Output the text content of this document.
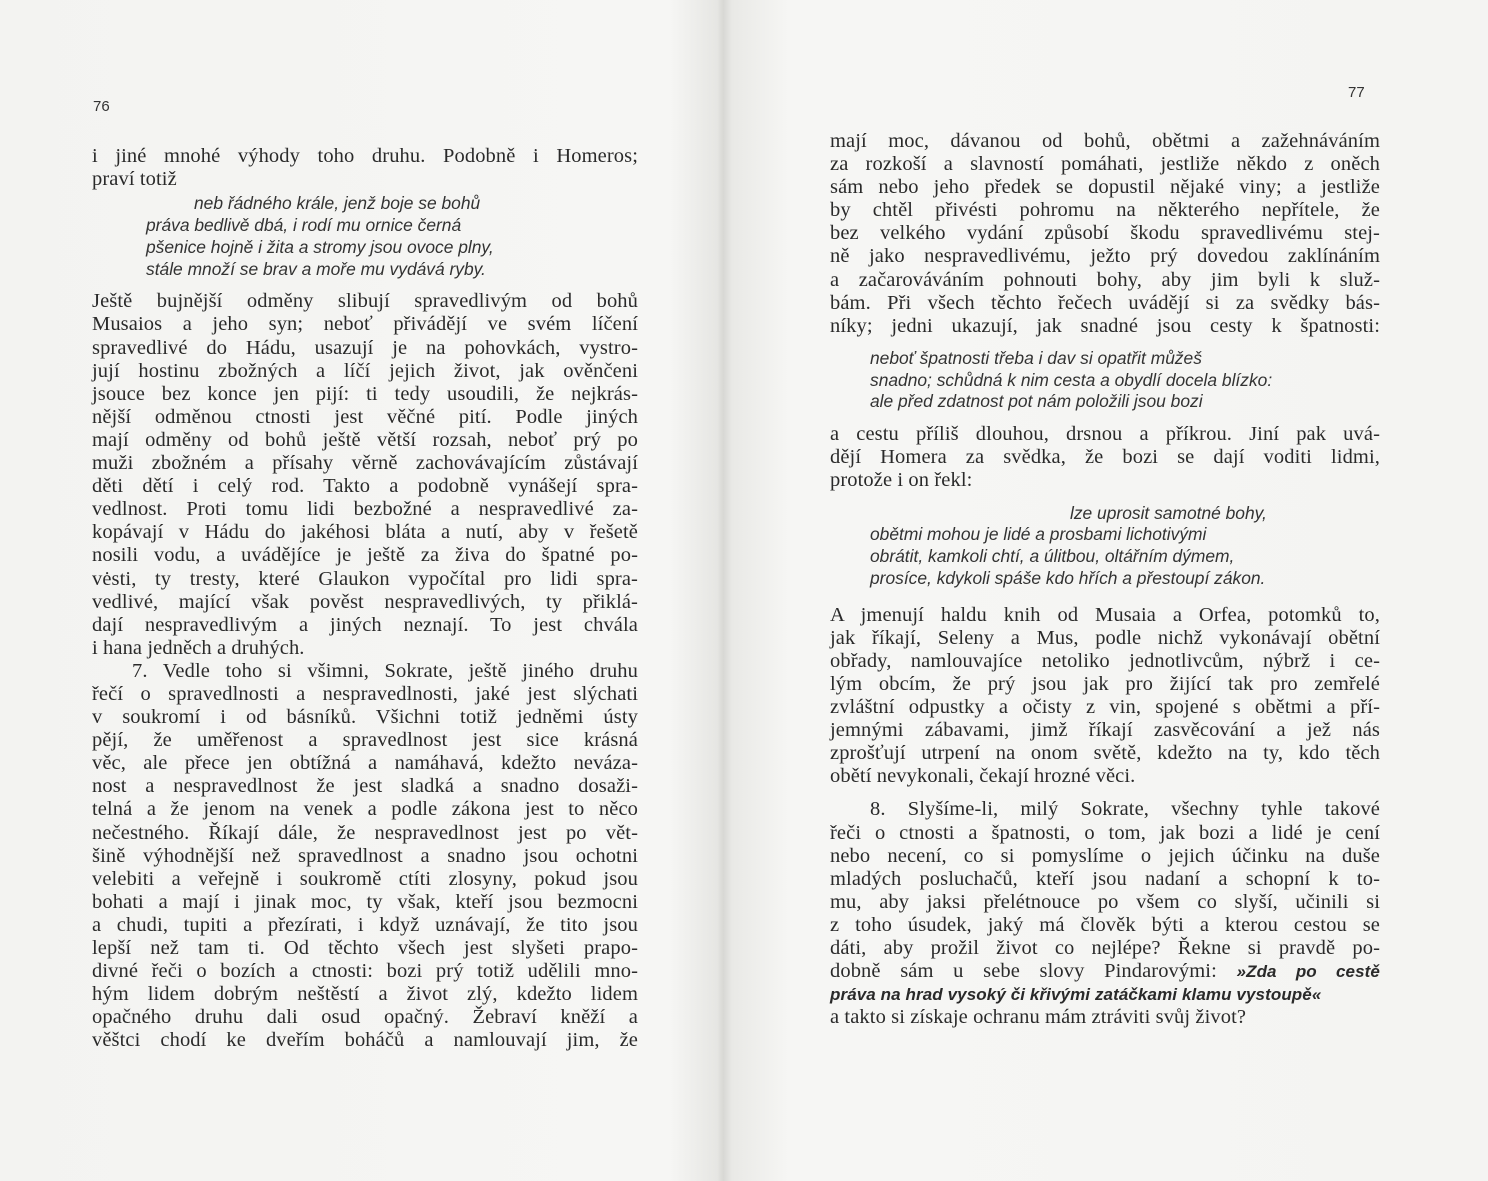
76
i jiné mnohé výhody toho druhu. Podobně i Homeros;
praví totiž
neb řádného krále, jenž boje se bohů
práva bedlivě dbá, i rodí mu ornice černá
pšenice hojně i žita a stromy jsou ovoce plny,
stále množí se brav a moře mu vydává ryby.
Ještě bujnější odměny slibují spravedlivým od bohů
Musaios a jeho syn; neboť přivádějí ve svém líčení
spravedlivé do Hádu, usazují je na pohovkách, vystro-
jují hostinu zbožných a líčí jejich život, jak ověnčeni
jsouce bez konce jen pijí: ti tedy usoudili, že nejkrás-
nější odměnou ctnosti jest věčné pití. Podle jiných
mají odměny od bohů ještě větší rozsah, neboť prý po
muži zbožném a přísahy věrně zachovávajícím zůstávají
děti dětí i celý rod. Takto a podobně vynášejí spra-
vedlnost. Proti tomu lidi bezbožné a nespravedlivé za-
kopávají v Hádu do jakéhosi bláta a nutí, aby v řešetě
nosili vodu, a uvádějíce je ještě za živa do špatné po-
vėsti, ty tresty, které Glaukon vypočítal pro lidi spra-
vedlivé, mající však pověst nespravedlivých, ty přiklá-
dají nespravedlivým a jiných neznají. To jest chvála
i hana jedněch a druhých.
7. Vedle toho si všimni, Sokrate, ještě jiného druhu
řečí o spravedlnosti a nespravedlnosti, jaké jest slýchati
v soukromí i od básníků. Všichni totiž jedněmi ústy
pějí, že uměřenost a spravedlnost jest sice krásná
věc, ale přece jen obtížná a namáhavá, kdežto nevázа-
nost a nespravedlnost že jest sladká a snadno dosaži-
telná a že jenom na venek a podle zákona jest to něco
nečestného. Říkají dále, že nespravedlnost jest po vět-
šině výhodnější než spravedlnost a snadno jsou ochotni
velebiti a veřejně i soukromě ctíti zlosyny, pokud jsou
bohati a mají i jinak moc, ty však, kteří jsou bezmocni
a chudi, tupiti a přezírati, i když uznávají, že tito jsou
lepší než tam ti. Od těchto všech jest slyšeti prapo-
divné řeči o bozích a ctnosti: bozi prý totiž udělili mno-
hým lidem dobrým neštěstí a život zlý, kdežto lidem
opačného druhu dali osud opačný. Žebraví kněží a
věštci chodí ke dveřím boháčů a namlouvají jim, že
77
mají moc, dávanou od bohů, obětmi a zažehnáváním
za rozkoší a slavností pomáhati, jestliže někdo z oněch
sám nebo jeho předek se dopustil nějaké viny; a jestliže
by chtěl přivésti pohromu na některého nepřítele, že
bez velkého vydání způsobí škodu spravedlivému stej-
ně jako nespravedlivému, ježto prý dovedou zaklínáním
a začarováváním pohnouti bohy, aby jim byli k služ-
bám. Při všech těchto řečech uvádějí si za svědky bás-
níky; jedni ukazují, jak snadné jsou cesty k špatnosti:
neboť špatnosti třeba i dav si opatřit můžeš
snadno; schůdná k nim cesta a obydlí docela blízko:
ale před zdatnost pot nám položili jsou bozi
a cestu příliš dlouhou, drsnou a příkrou. Jiní pak uvá-
dějí Homera za svědka, že bozi se dají voditi lidmi,
protože i on řekl:
lze uprosit samotné bohy,
obětmi mohou je lidé a prosbami lichotivými
obrátit, kamkoli chtí, a úlitbou, oltářním dýmem,
prosíce, kdykoli spáše kdo hřích a přestoupí zákon.
A jmenují haldu knih od Musaia a Orfea, potomků to,
jak říkají, Seleny a Mus, podle nichž vykonávají obětní
obřady, namlouvajíce netoliko jednotlivcům, nýbrž i ce-
lým obcím, že prý jsou jak pro žijící tak pro zemřelé
zvláštní odpustky a očisty z vin, spojené s obětmi a pří-
jemnými zábavami, jimž říkají zasvěcování a jež nás
zprošťují utrpení na onom světě, kdežto na ty, kdo těch
obětí nevykonali, čekají hrozné věci.
8. Slyšíme-li, milý Sokrate, všechny tyhle takové
řeči o ctnosti a špatnosti, o tom, jak bozi a lidé je cení
nebo necení, co si pomyslíme o jejich účinku na duše
mladých posluchačů, kteří jsou nadaní a schopní k to-
mu, aby jaksi přelétnouce po všem co slyší, učinili si
z toho úsudek, jaký má člověk býti a kterou cestou se
dáti, aby prožil život co nejlépe? Řekne si pravdě po-
dobně sám u sebe slovy Pindarovými: »Zda po cestě
práva na hrad vysoký či křivými zatáčkami klamu vystoupě«
a takto si získaje ochranu mám ztráviti svůj život?
